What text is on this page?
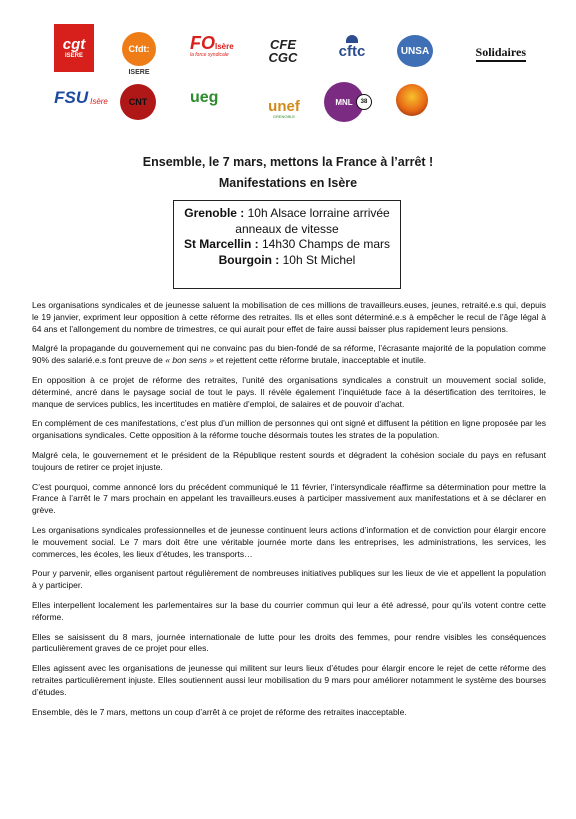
cgt
ISERE
Cfdt:
ISERE
FOIsère
la force syndicale
CFE
CGC	cftc	UNSA	Solidaires
FSU Isère CNT	ueg
unef
GRENOBLE
MNL	38
Ensemble, le 7 mars, mettons la France à l’arrêt !
Manifestations en Isère
Grenoble : 10h Alsace lorraine arrivée anneaux de vitesse
St Marcellin : 14h30 Champs de mars
Bourgoin : 10h St Michel

Les organisations syndicales et de jeunesse saluent la mobilisation de ces millions de travailleurs.euses, jeunes, retraité.e.s qui, depuis le 19 janvier, expriment leur opposition à cette réforme des retraites. Ils et elles sont déterminé.e.s à empêcher le recul de l’âge légal à 64 ans et l’allongement du nombre de trimestres, ce qui aurait pour effet de faire aussi baisser plus rapidement leurs pensions.

Malgré la propagande du gouvernement qui ne convainc pas du bien-fondé de sa réforme, l’écrasante majorité de la population comme 90% des salarié.e.s font preuve de « bon sens » et rejettent cette réforme brutale, inacceptable et inutile.

En opposition à ce projet de réforme des retraites, l’unité des organisations syndicales a construit un mouvement social solide, déterminé, ancré dans le paysage social de tout le pays. Il révèle également l’inquiétude face à la désertification des territoires, le manque de services publics, les incertitudes en matière d’emploi, de salaires et de pouvoir d’achat.

En complément de ces manifestations, c’est plus d’un million de personnes qui ont signé et diffusent la pétition en ligne proposée par les organisations syndicales. Cette opposition à la réforme touche désormais toutes les strates de la population.

Malgré cela, le gouvernement et le président de la République restent sourds et dégradent la cohésion sociale du pays en refusant toujours de retirer ce projet injuste.

C’est pourquoi, comme annoncé lors du précédent communiqué le 11 février, l’intersyndicale réaffirme sa détermination pour mettre la France à l’arrêt le 7 mars prochain en appelant les travailleurs.euses à participer massivement aux manifestations et à se déclarer en grève.

Les organisations syndicales professionnelles et de jeunesse continuent leurs actions d’information et de conviction pour élargir encore le mouvement social. Le 7 mars doit être une véritable journée morte dans les entreprises, les administrations, les services, les commerces, les écoles, les lieux d’études, les transports…

Pour y parvenir, elles organisent partout régulièrement de nombreuses initiatives publiques sur les lieux de vie et appellent la population à y participer.

Elles interpellent localement les parlementaires sur la base du courrier commun qui leur a été adressé, pour qu’ils votent contre cette réforme.

Elles se saisissent du 8 mars, journée internationale de lutte pour les droits des femmes, pour rendre visibles les conséquences particulièrement graves de ce projet pour elles.

Elles agissent avec les organisations de jeunesse qui militent sur leurs lieux d’études pour élargir encore le rejet de cette réforme des retraites particulièrement injuste. Elles soutiennent aussi leur mobilisation du 9 mars pour améliorer notamment le système des bourses d’études.

Ensemble, dès le 7 mars, mettons un coup d’arrêt à ce projet de réforme des retraites inacceptable.
